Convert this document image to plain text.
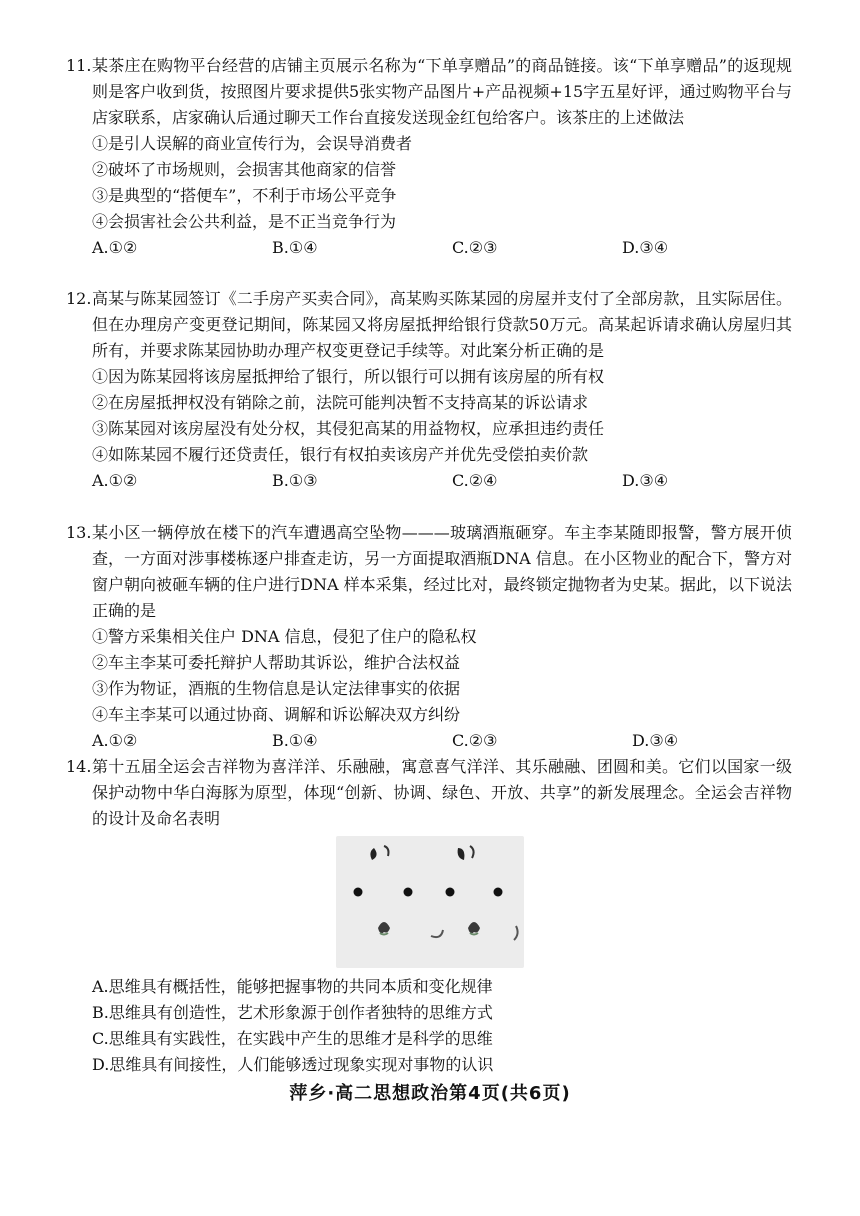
11. 某茶庄在购物平台经营的店铺主页展示名称为“下单享赠品”的商品链接。该“下单享赠品”的返现规则是客户收到货，按照图片要求提供5张实物产品图片+产品视频+15字五星好评，通过购物平台与店家联系，店家确认后通过聊天工作台直接发送现金红包给客户。该茶庄的上述做法

①是引人误解的商业宣传行为，会误导消费者

②破坏了市场规则，会损害其他商家的信誉

③是典型的“搭便车”，不利于市场公平竞争

④会损害社会公共利益，是不正当竞争行为

A.①②	B.①④	C.②③	D.③④
12. 高某与陈某园签订《二手房产买卖合同》，高某购买陈某园的房屋并支付了全部房款，且实际居住。但在办理房产变更登记期间，陈某园又将房屋抵押给银行贷款50万元。高某起诉请求确认房屋归其所有，并要求陈某园协助办理产权变更登记手续等。对此案分析正确的是

①因为陈某园将该房屋抵押给了银行，所以银行可以拥有该房屋的所有权

②在房屋抵押权没有销除之前，法院可能判决暂不支持高某的诉讼请求

③陈某园对该房屋没有处分权，其侵犯高某的用益物权，应承担违约责任

④如陈某园不履行还贷责任，银行有权拍卖该房产并优先受偿拍卖价款

A.①②	B.①③	C.②④	D.③④
13. 某小区一辆停放在楼下的汽车遭遇高空坠物———玻璃酒瓶砸穿。车主李某随即报警，警方展开侦查，一方面对涉事楼栋逐户排查走访，另一方面提取酒瓶DNA 信息。在小区物业的配合下，警方对窗户朝向被砸车辆的住户进行DNA 样本采集，经过比对，最终锁定抛物者为史某。据此，以下说法正确的是

①警方采集相关住户 DNA 信息，侵犯了住户的隐私权

②车主李某可委托辩护人帮助其诉讼，维护合法权益

③作为物证，酒瓶的生物信息是认定法律事实的依据

④车主李某可以通过协商、调解和诉讼解决双方纠纷

A.①②	B.①④	C.②③	D.③④
14. 第十五届全运会吉祥物为喜洋洋、乐融融，寓意喜气洋洋、其乐融融、团圆和美。它们以国家一级保护动物中华白海豚为原型，体现“创新、协调、绿色、开放、共享”的新发展理念。全运会吉祥物的设计及命名表明

A.思维具有概括性，能够把握事物的共同本质和变化规律

B.思维具有创造性，艺术形象源于创作者独特的思维方式

C.思维具有实践性，在实践中产生的思维才是科学的思维

D.思维具有间接性，人们能够透过现象实现对事物的认识

萍乡·高二思想政治第4页(共6页)
